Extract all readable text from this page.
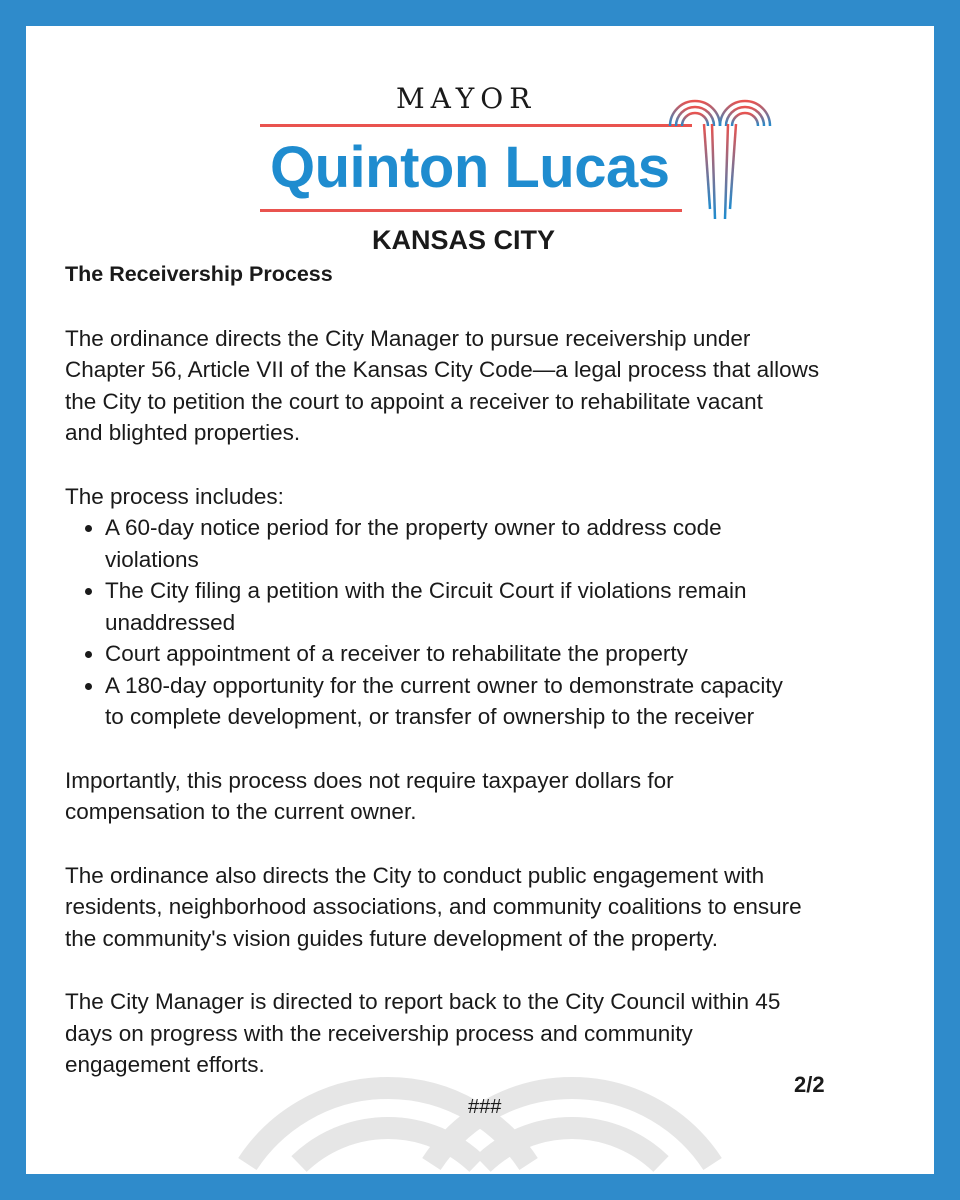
MAYOR
Quinton Lucas
KANSAS CITY
The Receivership Process
The ordinance directs the City Manager to pursue receivership under
Chapter 56, Article VII of the Kansas City Code—a legal process that allows
the City to petition the court to appoint a receiver to rehabilitate vacant
and blighted properties.
The process includes:
• A 60-day notice period for the property owner to address code
violations
• The City filing a petition with the Circuit Court if violations remain
unaddressed
• Court appointment of a receiver to rehabilitate the property
• A 180-day opportunity for the current owner to demonstrate capacity
to complete development, or transfer of ownership to the receiver
Importantly, this process does not require taxpayer dollars for
compensation to the current owner.
The ordinance also directs the City to conduct public engagement with
residents, neighborhood associations, and community coalitions to ensure
the community's vision guides future development of the property.
The City Manager is directed to report back to the City Council within 45
days on progress with the receivership process and community
engagement efforts.
###
2/2
